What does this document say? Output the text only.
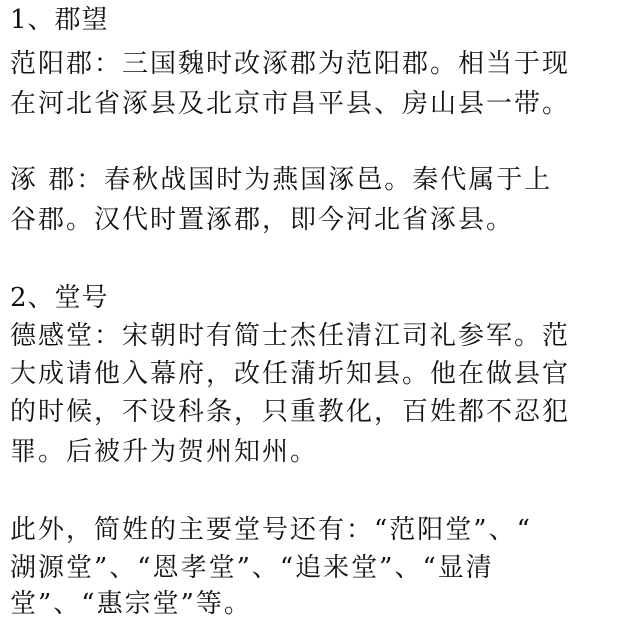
1、郡望
范阳郡：三国魏时改涿郡为范阳郡。相当于现
在河北省涿县及北京市昌平县、房山县一带。
涿 郡：春秋战国时为燕国涿邑。秦代属于上
谷郡。汉代时置涿郡，即今河北省涿县。
2、堂号
德感堂：宋朝时有简士杰任清江司礼参军。范
大成请他入幕府，改任蒲圻知县。他在做县官
的时候，不设科条，只重教化，百姓都不忍犯
罪。后被升为贺州知州。
此外，简姓的主要堂号还有：“范阳堂”、“
湖源堂”、“恩孝堂”、“追来堂”、“显清
堂”、“惠宗堂”等。
